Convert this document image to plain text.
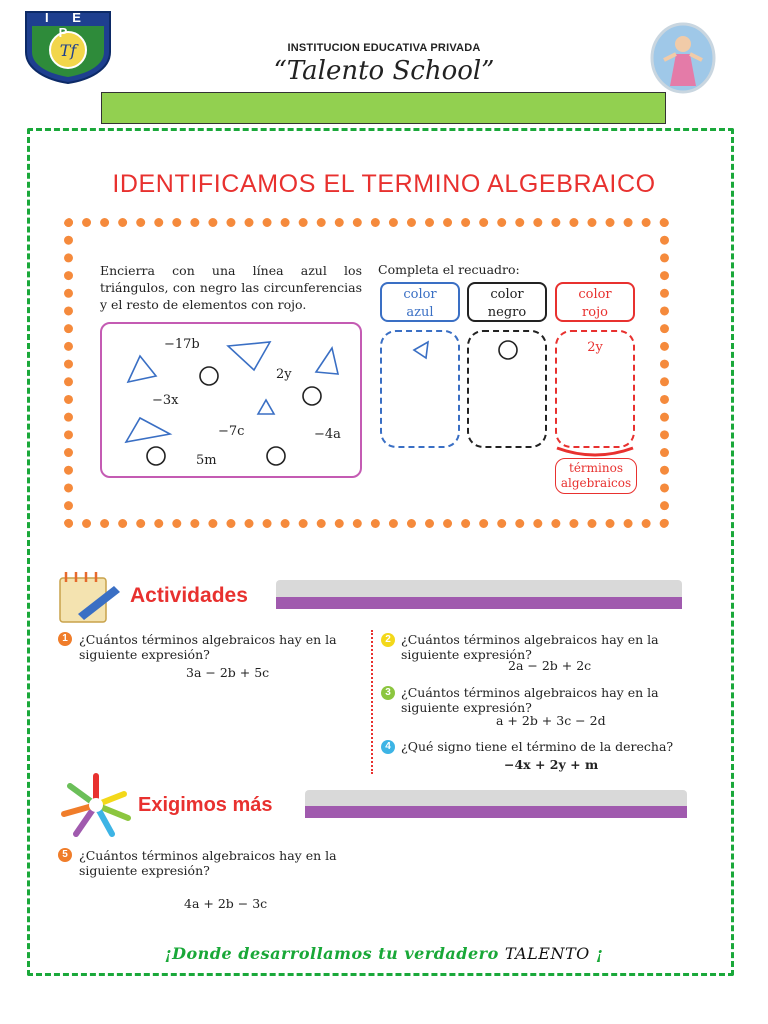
Tf
I E P
INSTITUCION EDUCATIVA PRIVADA
“Talento School”
IDENTIFICAMOS EL TERMINO ALGEBRAICO
Encierra con una línea azul los triángulos, con negro las circunferencias y el resto de elementos con rojo.
Completa el recuadro:
−17b
2y
−3x
−7c	−4a
5m
color
azul
color
negro
color
rojo
2y
términos
algebraicos
Actividades
1 ¿Cuántos términos algebraicos hay en la siguiente expresión?
3a − 2b + 5c
2 ¿Cuántos términos algebraicos hay en la siguiente expresión?
2a − 2b + 2c
3 ¿Cuántos términos algebraicos hay en la siguiente expresión?
a + 2b + 3c − 2d
4 ¿Qué signo tiene el término de la derecha?
−4x + 2y + m
Exigimos más
5 ¿Cuántos términos algebraicos hay en la siguiente expresión?
4a + 2b − 3c
¡Donde desarrollamos tu verdadero TALENTO ¡
